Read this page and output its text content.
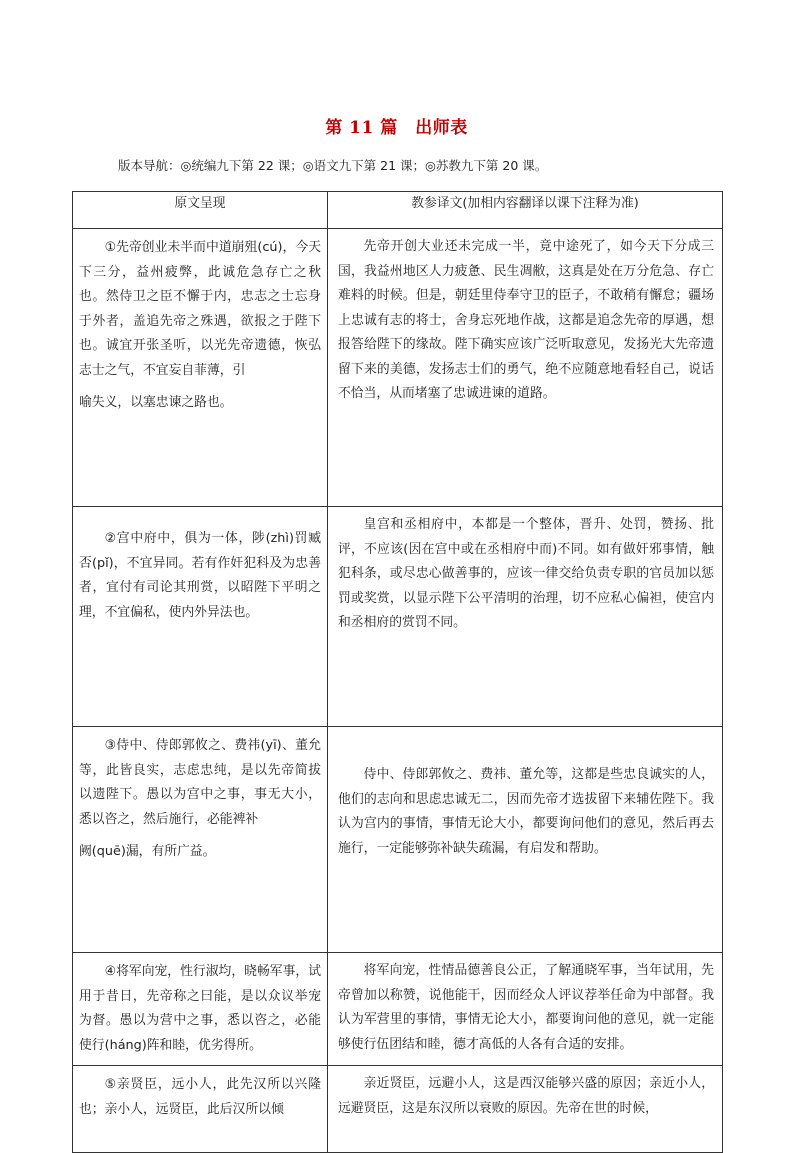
第 11 篇　出师表
版本导航：◎统编九下第 22 课；◎语文九下第 21 课；◎苏教九下第 20 课。
原文呈现	教参译文(加相内容翻译以课下注释为准)

①先帝创业未半而中道崩殂(cú)，今天下三分，益州疲弊，此诚危急存亡之秋也。然侍卫之臣不懈于内，忠志之士忘身于外者，盖追先帝之殊遇，欲报之于陛下也。诚宜开张圣听，以光先帝遗德，恢弘志士之气，不宜妄自菲薄，引

喻失义，以塞忠谏之路也。	先帝开创大业还未完成一半，竟中途死了，如今天下分成三国，我益州地区人力疲惫、民生凋敝，这真是处在万分危急、存亡难料的时候。但是，朝廷里侍奉守卫的臣子，不敢稍有懈怠；疆场上忠诚有志的将士，舍身忘死地作战，这都是追念先帝的厚遇，想报答给陛下的缘故。陛下确实应该广泛听取意见，发扬光大先帝遗留下来的美德，发扬志士们的勇气，绝不应随意地看轻自己，说话不恰当，从而堵塞了忠诚进谏的道路。

②宫中府中，俱为一体，陟(zhì)罚臧否(pǐ)，不宜异同。若有作奸犯科及为忠善者，宜付有司论其刑赏，以昭陛下平明之理，不宜偏私，使内外异法也。	皇宫和丞相府中，本都是一个整体，晋升、处罚，赞扬、批评，不应该(因在宫中或在丞相府中而)不同。如有做奸邪事情，触犯科条，或尽忠心做善事的，应该一律交给负责专职的官员加以惩罚或奖赏，以显示陛下公平清明的治理，切不应私心偏袒，使宫内和丞相府的赏罚不同。

③侍中、侍郎郭攸之、费祎(yī)、董允等，此皆良实，志虑忠纯，是以先帝简拔以遗陛下。愚以为宫中之事，事无大小，悉以咨之，然后施行，必能裨补

阙(quē)漏，有所广益。	侍中、侍郎郭攸之、费祎、董允等，这都是些忠良诚实的人，他们的志向和思虑忠诚无二，因而先帝才选拔留下来辅佐陛下。我认为宫内的事情，事情无论大小，都要询问他们的意见，然后再去施行，一定能够弥补缺失疏漏，有启发和帮助。

④将军向宠，性行淑均，晓畅军事，试用于昔日，先帝称之曰能，是以众议举宠为督。愚以为营中之事，悉以咨之，必能使行(háng)阵和睦，优劣得所。	将军向宠，性情品德善良公正，了解通晓军事，当年试用，先帝曾加以称赞，说他能干，因而经众人评议荐举任命为中部督。我认为军营里的事情，事情无论大小，都要询问他的意见，就一定能够使行伍团结和睦，德才高低的人各有合适的安排。

⑤亲贤臣，远小人，此先汉所以兴隆也；亲小人，远贤臣，此后汉所以倾	亲近贤臣，远避小人，这是西汉能够兴盛的原因；亲近小人，远避贤臣，这是东汉所以衰败的原因。先帝在世的时候，
